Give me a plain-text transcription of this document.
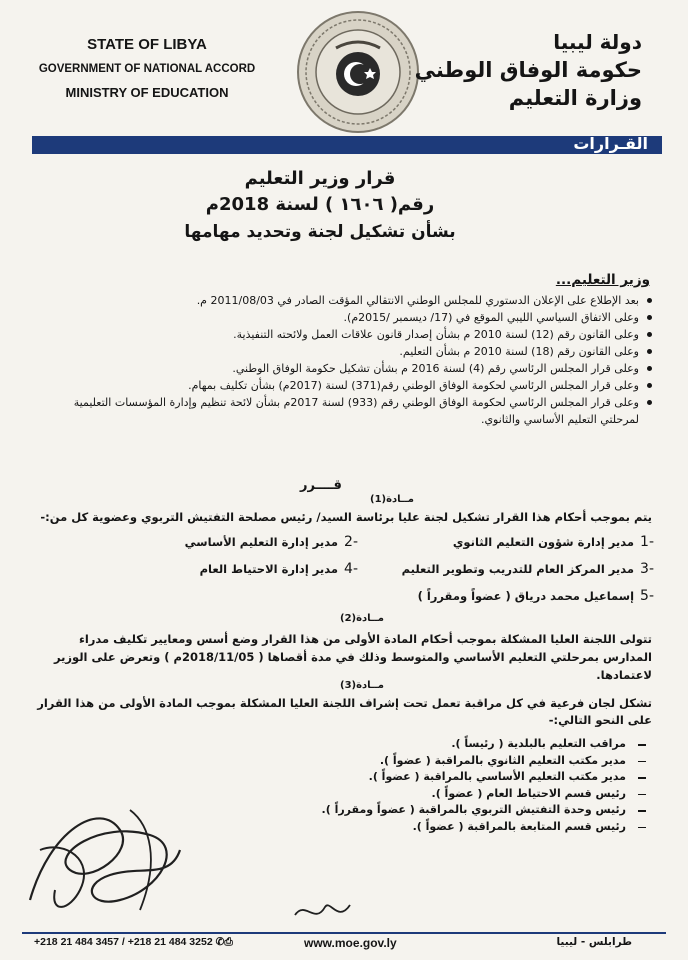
STATE OF LIBYA
GOVERNMENT OF NATIONAL ACCORD
MINISTRY OF EDUCATION
دولة ليبيا
حكومة الوفاق الوطني
وزارة التعليم
القـرارات
قرار وزير التعليم
رقم( ١٦٠٦ ) لسنة 2018م
بشأن تشكيل لجنة وتحديد مهامها
وزير التعليم...
بعد الإطلاع على الإعلان الدستوري للمجلس الوطني الانتقالي المؤقت الصادر في 2011/08/03 م.
وعلى الاتفاق السياسي الليبي الموقع في (17/ ديسمبر /2015م).
وعلى القانون رقم (12) لسنة 2010 م بشأن إصدار قانون علاقات العمل ولائحته التنفيذية.
وعلى القانون رقم (18) لسنة 2010 م بشأن التعليم.
وعلى قرار المجلس الرئاسي رقم (4) لسنة 2016 م بشأن تشكيل حكومة الوفاق الوطني.
وعلى قرار المجلس الرئاسي لحكومة الوفاق الوطني رقم(371) لسنة (2017م) بشأن تكليف بمهام.
وعلى قرار المجلس الرئاسي لحكومة الوفاق الوطني رقم (933) لسنة 2017م بشأن لائحة تنظيم وإدارة المؤسسات التعليمية لمرحلتي التعليم الأساسي والثانوي.
قــــرر
مــادة(1)
يتم بموجب أحكام هذا القرار تشكيل لجنة عليا برئاسة السيد/ رئيس مصلحة التفتيش التربوي وعضوية كل من:-
-1مدير إدارة شؤون التعليم الثانوي
-2مدير إدارة التعليم الأساسي
-3مدير المركز العام للتدريب وتطوير التعليم
-4مدير إدارة الاحتياط العام
-5إسماعيل محمد درياق ( عضواً ومقرراً )
مــادة(2)
تتولى اللجنة العليا المشكلة بموجب أحكام المادة الأولى من هذا القرار وضع أسس ومعايير تكليف مدراء المدارس بمرحلتي التعليم الأساسي والمتوسط وذلك في مدة أقصاها ( 2018/11/05م ) وتعرض على الوزير لاعتمادها.
مــادة(3)
تشكل لجان فرعية في كل مراقبة تعمل تحت إشراف اللجنة العليا المشكلة بموجب المادة الأولى من هذا القرار على النحو التالي:-
مراقب التعليم بالبلدية ( رئيساً ).
مدير مكتب التعليم الثانوي بالمراقبة ( عضواً ).
مدير مكتب التعليم الأساسي بالمراقبة ( عضواً ).
رئيس قسم الاحتياط العام ( عضواً ).
رئيس وحدة التفتيش التربوي بالمراقبة ( عضواً ومقرراً ).
رئيس قسم المتابعة بالمراقبة ( عضواً ).
+218 21 484 3457 / +218 21 484 3252 ✆⎙	www.moe.gov.ly	طرابلس - ليبيا
